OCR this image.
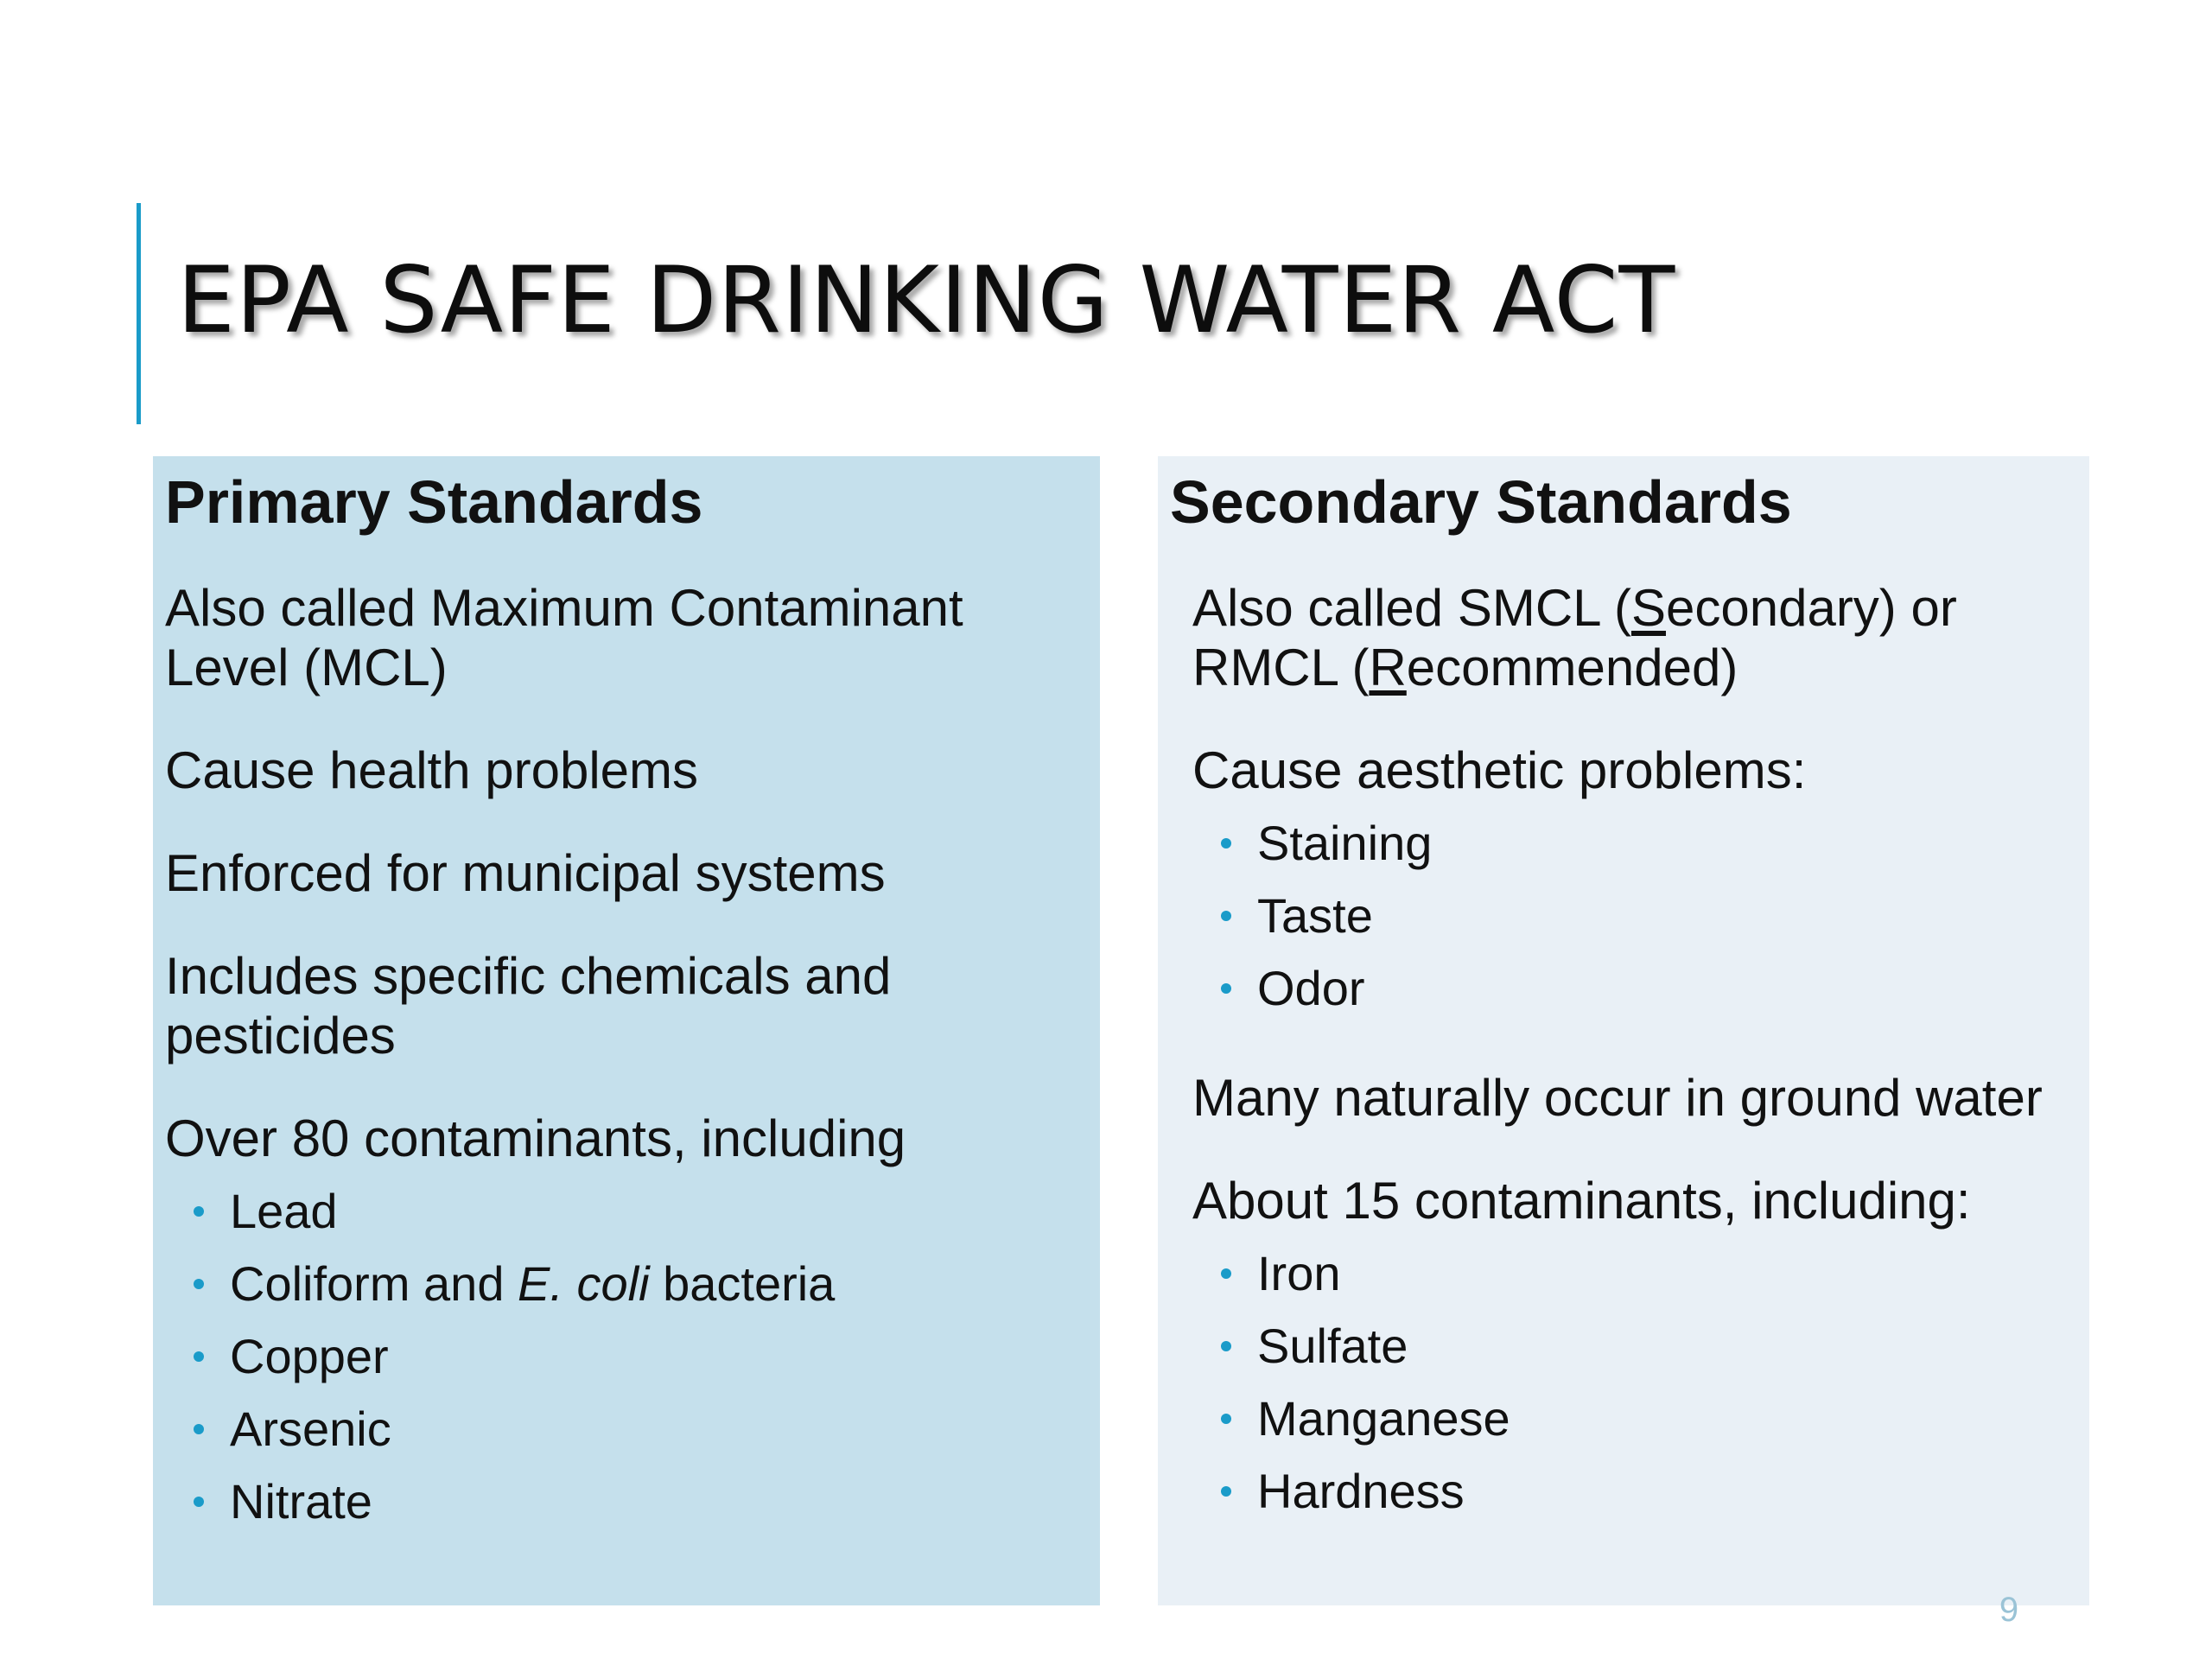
EPA SAFE DRINKING WATER ACT
Primary Standards

Also called Maximum Contaminant Level (MCL)

Cause health problems

Enforced for municipal systems

Includes specific chemicals and pesticides

Over 80 contaminants, including

Lead
Coliform and E. coli bacteria
Copper
Arsenic
Nitrate
Secondary Standards

Also called SMCL (Secondary) or
RMCL (Recommended)

Cause aesthetic problems:

Staining
Taste
Odor

Many naturally occur in ground water

About 15 contaminants, including:

Iron
Sulfate
Manganese
Hardness
9
